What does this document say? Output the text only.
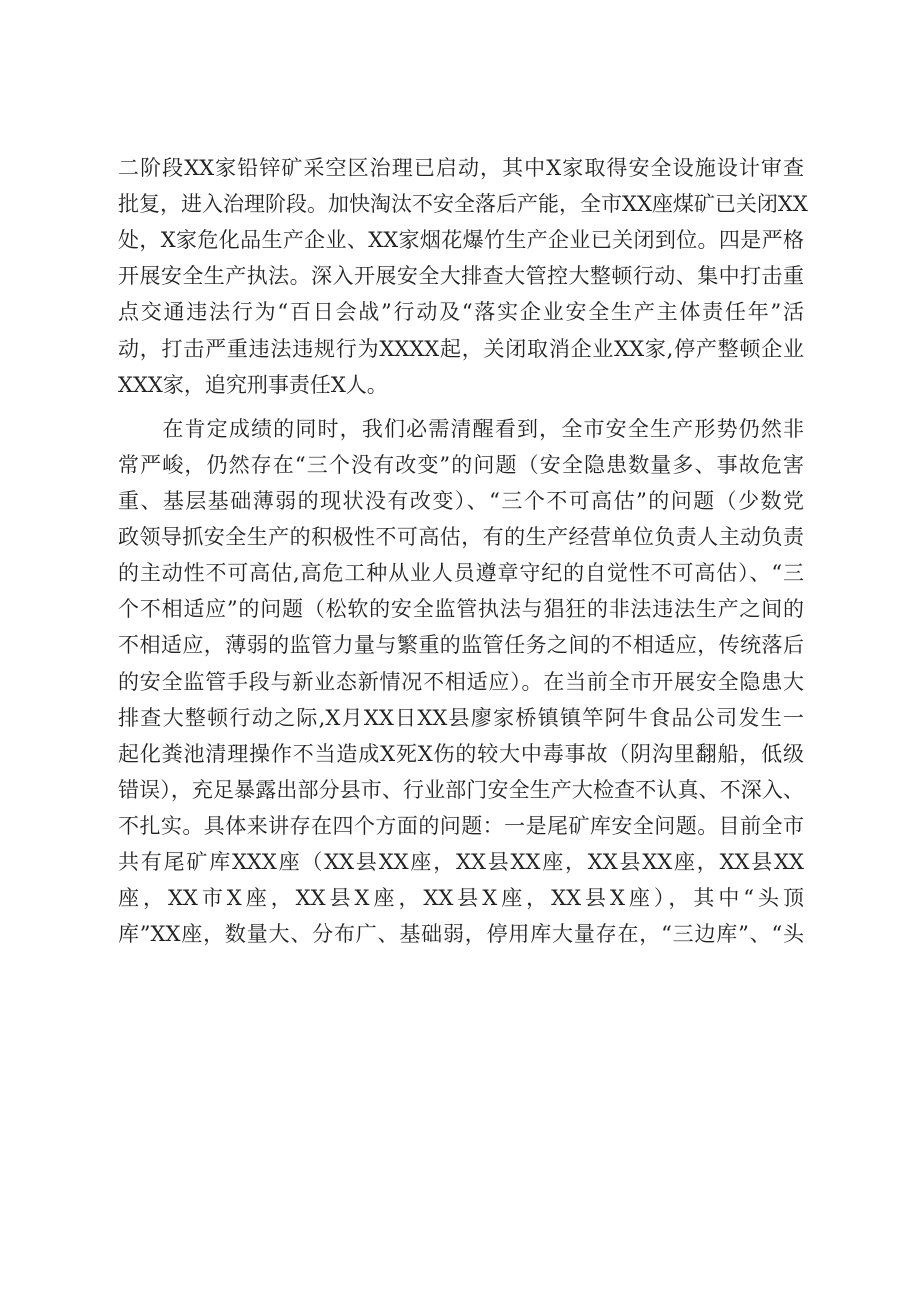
二阶段XX家铅锌矿采空区治理已启动，其中X家取得安全设施设计审查
批复，进入治理阶段。加快淘汰不安全落后产能，全市XX座煤矿已关闭XX
处，X家危化品生产企业、XX家烟花爆竹生产企业已关闭到位。四是严格
开展安全生产执法。深入开展安全大排查大管控大整顿行动、集中打击重
点交通违法行为“百日会战”行动及“落实企业安全生产主体责任年”活
动，打击严重违法违规行为XXXX起，关闭取消企业XX家,停产整顿企业
XXX家，追究刑事责任X人。
　　在肯定成绩的同时，我们必需清醒看到，全市安全生产形势仍然非
常严峻，仍然存在“三个没有改变”的问题（安全隐患数量多、事故危害
重、基层基础薄弱的现状没有改变）、“三个不可高估”的问题（少数党
政领导抓安全生产的积极性不可高估，有的生产经营单位负责人主动负责
的主动性不可高估,高危工种从业人员遵章守纪的自觉性不可高估）、“三
个不相适应”的问题（松软的安全监管执法与猖狂的非法违法生产之间的
不相适应，薄弱的监管力量与繁重的监管任务之间的不相适应，传统落后
的安全监管手段与新业态新情况不相适应）。在当前全市开展安全隐患大
排查大整顿行动之际,X月XX日XX县廖家桥镇镇竿阿牛食品公司发生一
起化粪池清理操作不当造成X死X伤的较大中毒事故（阴沟里翻船，低级
错误），充足暴露出部分县市、行业部门安全生产大检查不认真、不深入、
不扎实。具体来讲存在四个方面的问题：一是尾矿库安全问题。目前全市
共有尾矿库XXX座（XX县XX座，XX县XX座，XX县XX座，XX县XX
座，XX市X座，XX县X座，XX县X座，XX县X座），其中“头顶
库”XX座，数量大、分布广、基础弱，停用库大量存在，“三边库”、“头
